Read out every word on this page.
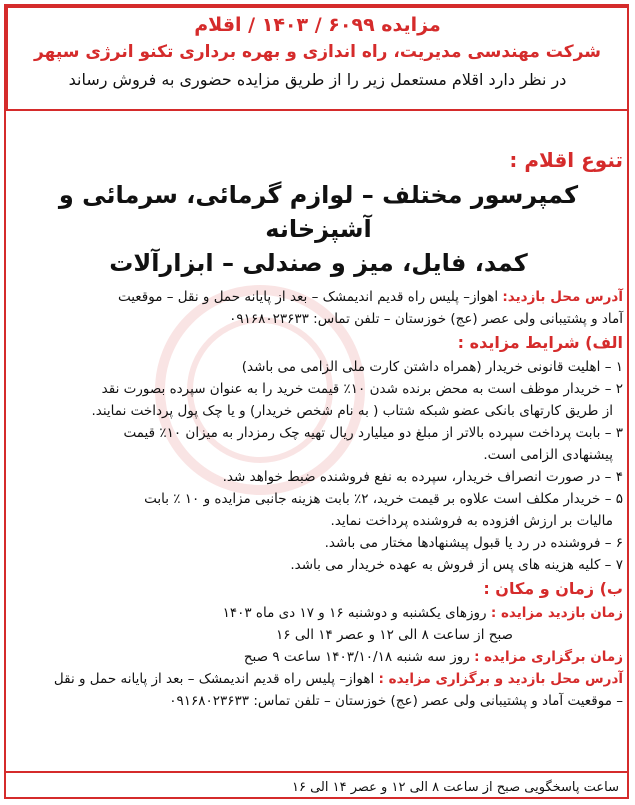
مزایده ۶۰۹۹ / ۱۴۰۳ / اقلام
شرکت مهندسی مدیریت، راه اندازی و بهره برداری تکنو انرژی سپهر
در نظر دارد اقلام مستعمل زیر را از طریق مزایده حضوری به فروش رساند
تنوع اقلام :
کمپرسور مختلف – لوازم گرمائی، سرمائی و آشپزخانه
کمد، فایل، میز و صندلی – ابزارآلات
آدرس محل بازدید: اهواز– پلیس راه قدیم اندیمشک – بعد از پایانه حمل و نقل – موقعیت
آماد و پشتیبانی ولی عصر (عج) خوزستان – تلفن تماس: ۰۹۱۶۸۰۲۳۶۳۳
الف) شرایط مزایده :
۱ – اهلیت قانونی خریدار (همراه داشتن کارت ملی الزامی می باشد)
۲ – خریدار موظف است به محض برنده شدن ۱۰٪ قیمت خرید را به عنوان سپرده بصورت نقد
از طریق کارتهای بانکی عضو شبکه شتاب ( به نام شخص خریدار) و یا چک پول پرداخت نمایند.
۳ – بابت پرداخت سپرده بالاتر از مبلغ دو میلیارد ریال تهیه چک رمزدار به میزان ۱۰٪ قیمت
پیشنهادی الزامی است.
۴ – در صورت انصراف خریدار، سپرده به نفع فروشنده ضبط خواهد شد.
۵ – خریدار مکلف است علاوه بر قیمت خرید، ۲٪ بابت هزینه جانبی مزایده و ۱۰ ٪ بابت
مالیات بر ارزش افزوده به فروشنده پرداخت نماید.
۶ – فروشنده در رد یا قبول پیشنهادها مختار می باشد.
۷ – کلیه هزینه های پس از فروش به عهده خریدار می باشد.
ب) زمان و مکان :
زمان بازدید مزایده : روزهای یکشنبه و دوشنبه ۱۶ و ۱۷ دی ماه ۱۴۰۳
صبح از ساعت ۸ الی ۱۲ و عصر ۱۴ الی ۱۶
زمان برگزاری مزایده : روز سه شنبه ۱۴۰۳/۱۰/۱۸ ساعت ۹ صبح
آدرس محل بازدید و برگزاری مزایده : اهواز– پلیس راه قدیم اندیمشک – بعد از پایانه حمل و نقل
– موقعیت آماد و پشتیبانی ولی عصر (عج) خوزستان – تلفن تماس: ۰۹۱۶۸۰۲۳۶۳۳
ساعت پاسخگویی صبح از ساعت ۸ الی ۱۲ و عصر ۱۴ الی ۱۶
